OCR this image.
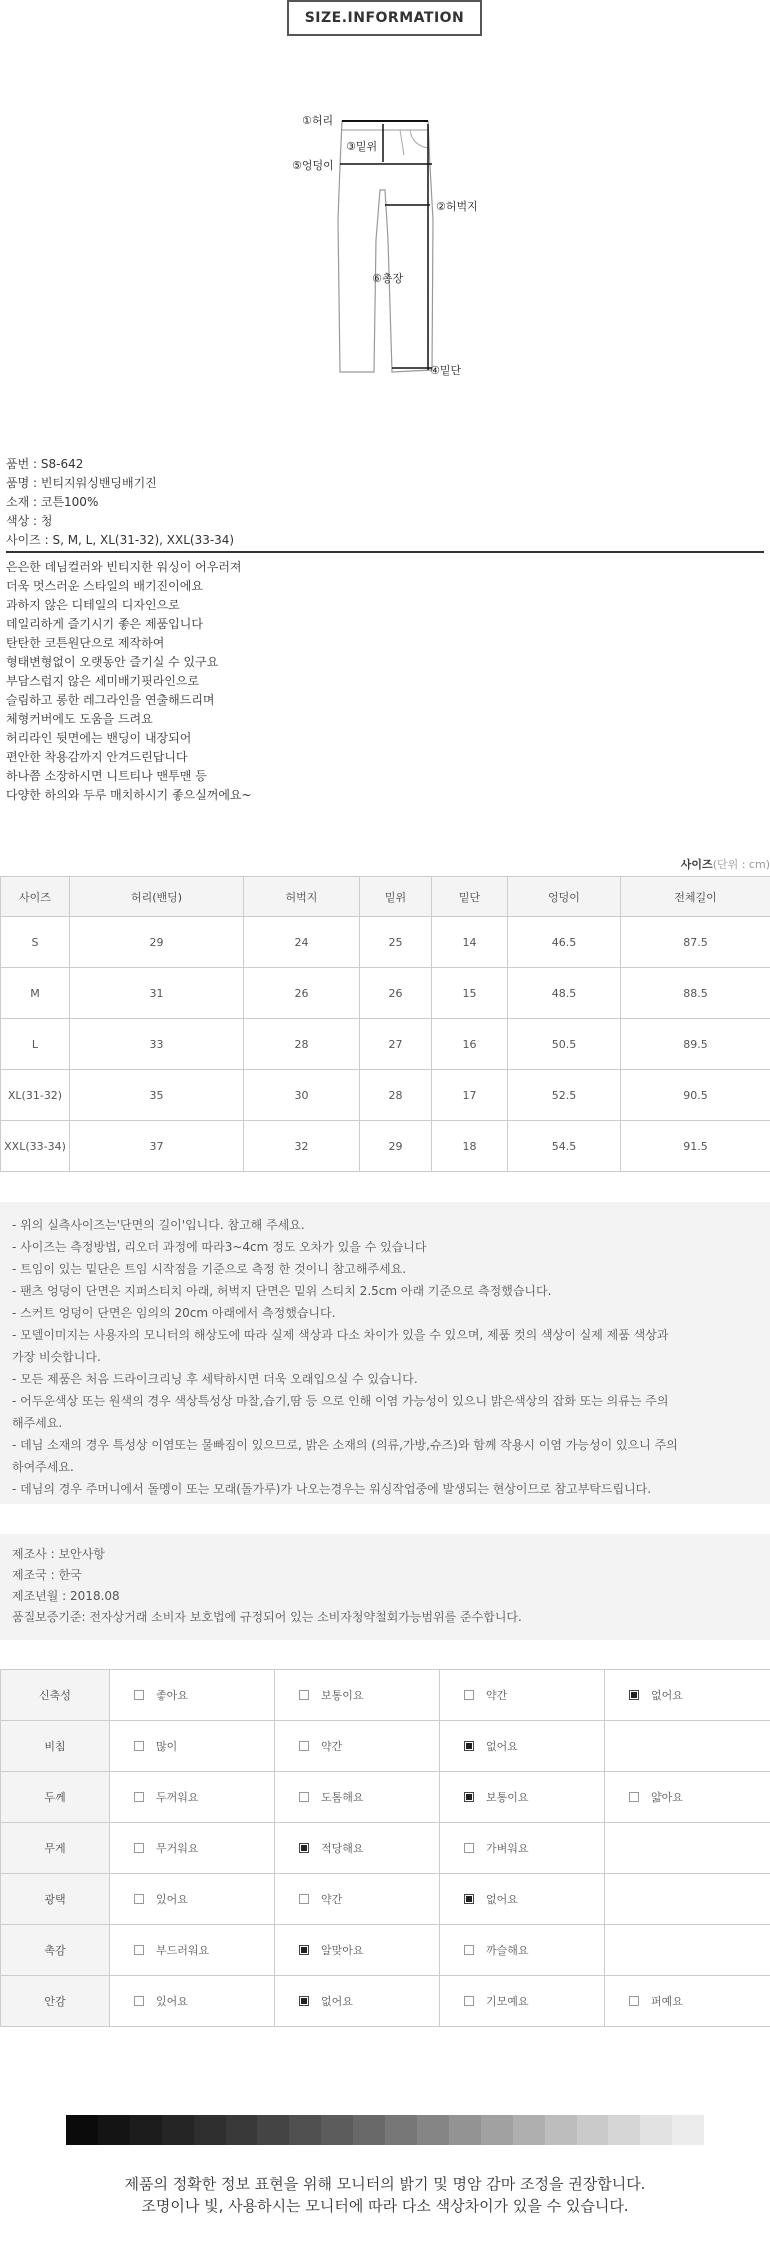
SIZE.INFORMATION
①허리
③밑위
⑤엉덩이
②허벅지
⑥총장
④밑단
품번 : S8-642
품명 : 빈티지워싱밴딩배기진
소재 : 코튼100%
색상 : 청
사이즈 : S, M, L, XL(31-32), XXL(33-34)
은은한 데님컬러와 빈티지한 워싱이 어우러져
더욱 멋스러운 스타일의 배기진이에요
과하지 않은 디테일의 디자인으로
데일리하게 즐기시기 좋은 제품입니다
탄탄한 코튼원단으로 제작하여
형태변형없이 오랫동안 즐기실 수 있구요
부담스럽지 않은 세미배기핏라인으로
슬림하고 롱한 레그라인을 연출해드리며
체형커버에도 도움을 드려요
허리라인 뒷면에는 밴딩이 내장되어
편안한 착용감까지 안겨드린답니다
하나쯤 소장하시면 니트티나 맨투맨 등
다양한 하의와 두루 매치하시기 좋으실꺼에요~
사이즈(단위 : cm)
사이즈	허리(밴딩)	허벅지	밑위	밑단	엉덩이	전체길이
S	29	24	25	14	46.5	87.5
M	31	26	26	15	48.5	88.5
L	33	28	27	16	50.5	89.5
XL(31-32)	35	30	28	17	52.5	90.5
XXL(33-34)	37	32	29	18	54.5	91.5
- 위의 실측사이즈는'단면의 길이'입니다. 참고해 주세요.
- 사이즈는 측정방법, 리오더 과정에 따라3~4cm 정도 오차가 있을 수 있습니다
- 트임이 있는 밑단은 트임 시작점을 기준으로 측정 한 것이니 참고해주세요.
- 팬츠 엉덩이 단면은 지퍼스티치 아래, 허벅지 단면은 밑위 스티치 2.5cm 아래 기준으로 측정했습니다.
- 스커트 엉덩이 단면은 임의의 20cm 아래에서 측정했습니다.
- 모델이미지는 사용자의 모니터의 해상도에 따라 실제 색상과 다소 차이가 있을 수 있으며, 제품 컷의 색상이 실제 제품 색상과
가장 비슷합니다.
- 모든 제품은 처음 드라이크리닝 후 세탁하시면 더욱 오래입으실 수 있습니다.
- 어두운색상 또는 원색의 경우 색상특성상 마찰,습기,땀 등 으로 인해 이염 가능성이 있으니 밝은색상의 잡화 또는 의류는 주의
해주세요.
- 데님 소재의 경우 특성상 이염또는 물빠짐이 있으므로, 밝은 소재의 (의류,가방,슈즈)와 함께 작용시 이염 가능성이 있으니 주의
하여주세요.
- 데님의 경우 주머니에서 돌멩이 또는 모래(돌가루)가 나오는경우는 워싱작업중에 발생되는 현상이므로 참고부탁드립니다.
제조사 : 보안사항
제조국 : 한국
제조년월 : 2018.08
품질보증기준: 전자상거래 소비자 보호법에 규정되어 있는 소비자청약철회가능범위를 준수합니다.
신축성	좋아요	보통이요	약간	없어요
비침	많이	약간	없어요	
두께	두꺼워요	도톰해요	보통이요	얇아요
무게	무거워요	적당해요	가벼워요	
광택	있어요	약간	없어요	
촉감	부드러워요	알맞아요	까슬해요	
안감	있어요	없어요	기모예요	퍼예요
제품의 정확한 정보 표현을 위해 모니터의 밝기 및 명암 감마 조정을 권장합니다.
조명이나 빛, 사용하시는 모니터에 따라 다소 색상차이가 있을 수 있습니다.
